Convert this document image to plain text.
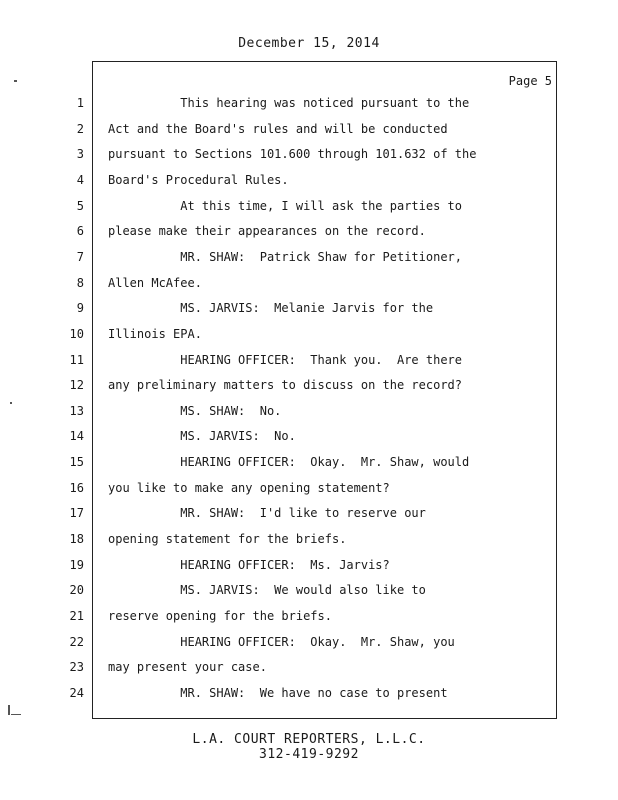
December 15, 2014
Page 5
1 This hearing was noticed pursuant to the
2 Act and the Board's rules and will be conducted
3 pursuant to Sections 101.600 through 101.632 of the
4 Board's Procedural Rules.
5 At this time, I will ask the parties to
6 please make their appearances on the record.
7 MR. SHAW:  Patrick Shaw for Petitioner,
8 Allen McAfee.
9 MS. JARVIS:  Melanie Jarvis for the
10 Illinois EPA.
11 HEARING OFFICER:  Thank you.  Are there
12 any preliminary matters to discuss on the record?
13 MS. SHAW:  No.
14 MS. JARVIS:  No.
15 HEARING OFFICER:  Okay.  Mr. Shaw, would
16 you like to make any opening statement?
17 MR. SHAW:  I'd like to reserve our
18 opening statement for the briefs.
19 HEARING OFFICER:  Ms. Jarvis?
20 MS. JARVIS:  We would also like to
21 reserve opening for the briefs.
22 HEARING OFFICER:  Okay.  Mr. Shaw, you
23 may present your case.
24 MR. SHAW:  We have no case to present
L.A. COURT REPORTERS, L.L.C.
312-419-9292
